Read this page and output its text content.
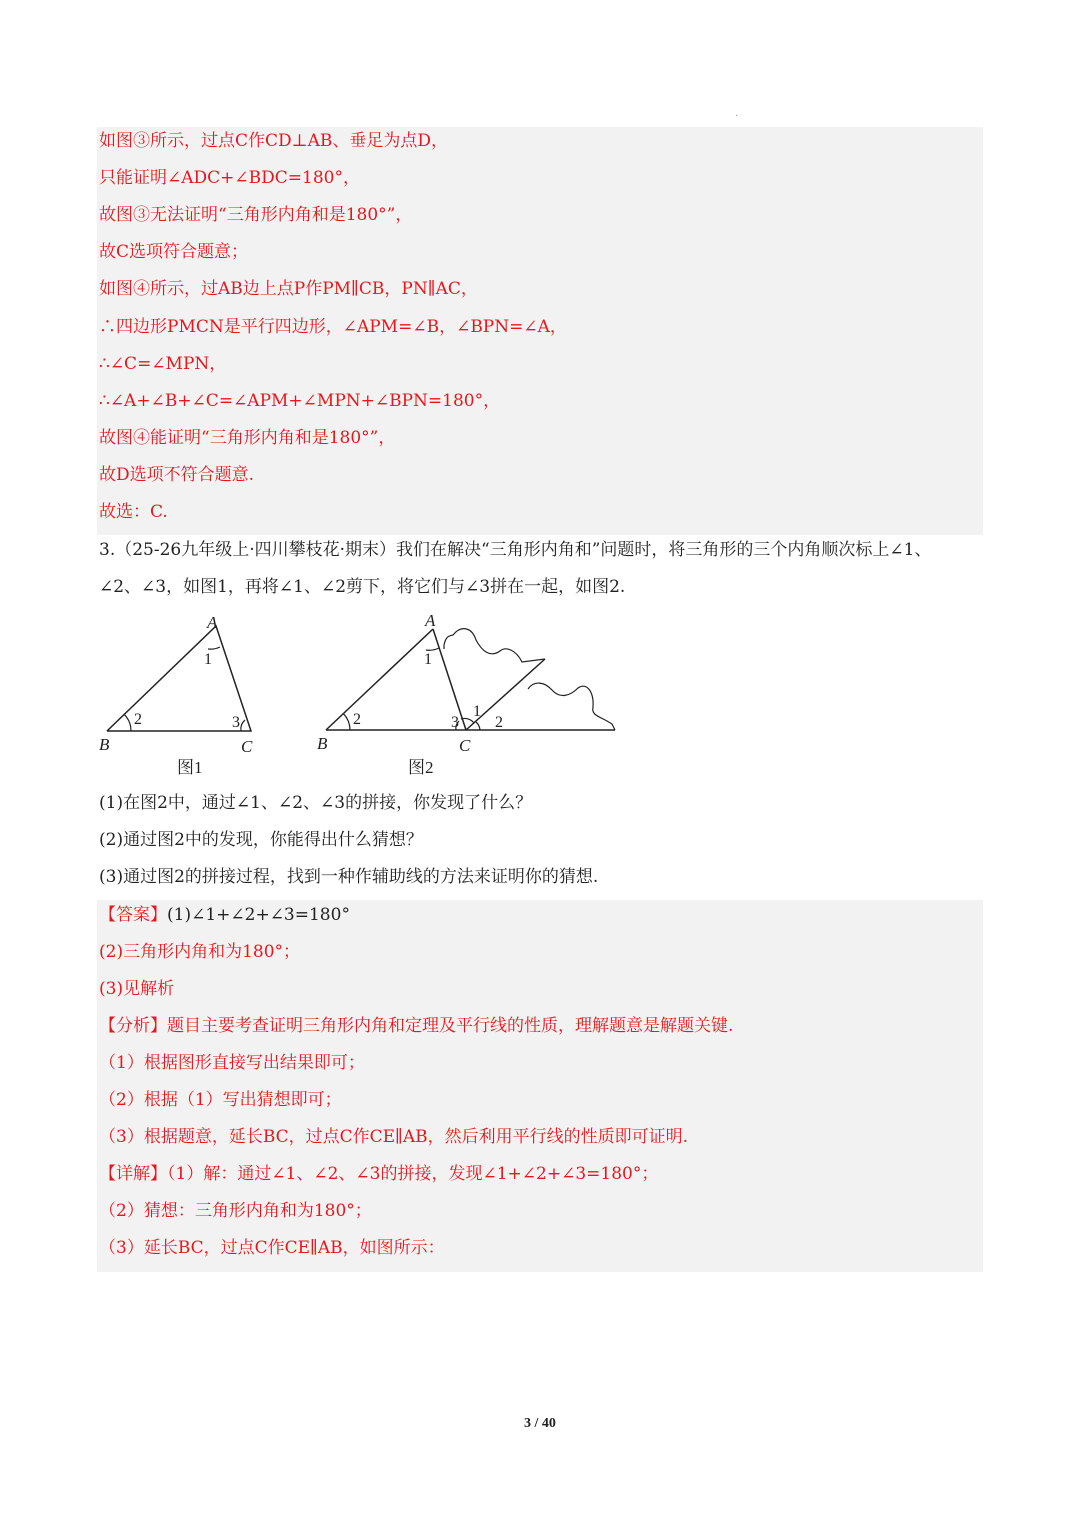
.
如图③所示，过点C作CD⊥AB、垂足为点D，
只能证明∠ADC+∠BDC=180°，
故图③无法证明“三角形内角和是180°”，
故C选项符合题意；
如图④所示，过AB边上点P作PM∥CB，PN∥AC，
∴四边形PMCN是平行四边形，∠APM=∠B，∠BPN=∠A，
∴∠C=∠MPN，
∴∠A+∠B+∠C=∠APM+∠MPN+∠BPN=180°，
故图④能证明“三角形内角和是180°”，
故D选项不符合题意.
故选：C.
3.（25-26九年级上·四川攀枝花·期末）我们在解决“三角形内角和”问题时，将三角形的三个内角顺次标上∠1、
∠2、∠3，如图1，再将∠1、∠2剪下，将它们与∠3拼在一起，如图2.
A
B	C
1
2	3
图1
A
B	C
1
2	3
1
2
图2
(1)在图2中，通过∠1、∠2、∠3的拼接，你发现了什么？
(2)通过图2中的发现，你能得出什么猜想？
(3)通过图2的拼接过程，找到一种作辅助线的方法来证明你的猜想.
【答案】(1)∠1+∠2+∠3=180°
(2)三角形内角和为180°；
(3)见解析
【分析】题目主要考查证明三角形内角和定理及平行线的性质，理解题意是解题关键.
（1）根据图形直接写出结果即可；
（2）根据（1）写出猜想即可；
（3）根据题意，延长BC，过点C作CE∥AB，然后利用平行线的性质即可证明.
【详解】（1）解：通过∠1、∠2、∠3的拼接，发现∠1+∠2+∠3=180°；
（2）猜想：三角形内角和为180°；
（3）延长BC，过点C作CE∥AB，如图所示：
3 / 40
